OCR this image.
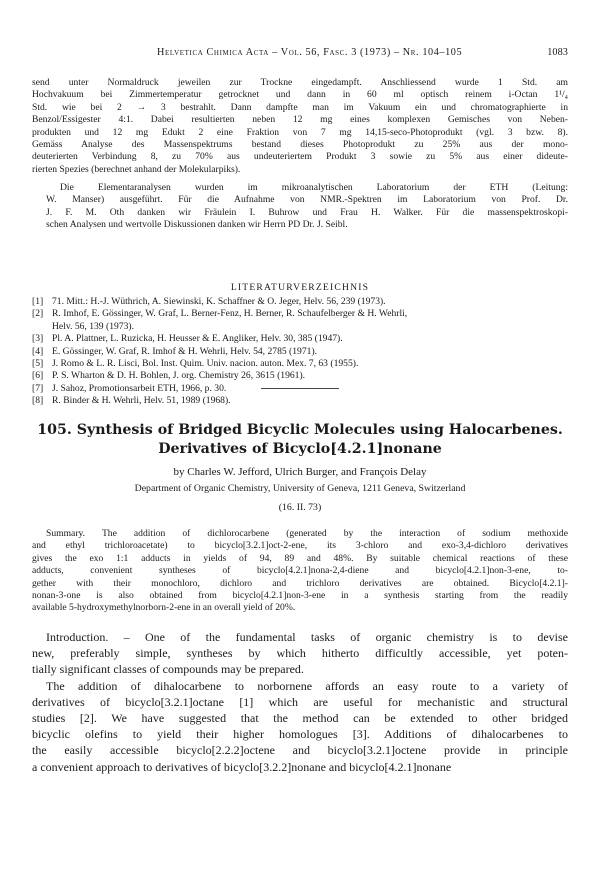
Helvetica Chimica Acta – Vol. 56, Fasc. 3 (1973) – Nr. 104–105	1083

send unter Normaldruck jeweilen zur Trockne eingedampft. Anschliessend wurde 1 Std. am
Hochvakuum bei Zimmertemperatur getrocknet und dann in 60 ml optisch reinem i-Octan 1¹/₄
Std. wie bei 2 → 3 bestrahlt. Dann dampfte man im Vakuum ein und chromatographierte in
Benzol/Essigester 4:1. Dabei resultierten neben 12 mg eines komplexen Gemisches von Neben-
produkten und 12 mg Edukt 2 eine Fraktion von 7 mg 14,15-seco-Photoprodukt (vgl. 3 bzw. 8).
Gemäss Analyse des Massenspektrums bestand dieses Photoprodukt zu 25% aus der mono-
deuterierten Verbindung 8, zu 70% aus undeuteriertem Produkt 3 sowie zu 5% aus einer dideute-
rierten Spezies (berechnet anhand der Molekularpiks).

Die Elementaranalysen wurden im mikroanalytischen Laboratorium der ETH (Leitung:
W. Manser) ausgeführt. Für die Aufnahme von NMR.-Spektren im Laboratorium von Prof. Dr.
J. F. M. Oth danken wir Fräulein I. Buhrow und Frau H. Walker. Für die massenspektroskopi-
schen Analysen und wertvolle Diskussionen danken wir Herrn PD Dr. J. Seibl.

LITERATURVERZEICHNIS
[1] 71. Mitt.: H.-J. Wüthrich, A. Siewinski, K. Schaffner & O. Jeger, Helv. 56, 239 (1973).
[2] R. Imhof, E. Gössinger, W. Graf, L. Berner-Fenz, H. Berner, R. Schaufelberger & H. Wehrli,
Helv. 56, 139 (1973).
[3] Pl. A. Plattner, L. Ruzicka, H. Heusser & E. Angliker, Helv. 30, 385 (1947).
[4] E. Gössinger, W. Graf, R. Imhof & H. Wehrli, Helv. 54, 2785 (1971).
[5] J. Romo & L. R. Lisci, Bol. Inst. Quim. Univ. nacion. auton. Mex. 7, 63 (1955).
[6] P. S. Wharton & D. H. Bohlen, J. org. Chemistry 26, 3615 (1961).
[7] J. Sahoz, Promotionsarbeit ETH, 1966, p. 30.
[8] R. Binder & H. Wehrli, Helv. 51, 1989 (1968).
105. Synthesis of Bridged Bicyclic Molecules using Halocarbenes.
Derivatives of Bicyclo[4.2.1]nonane
by Charles W. Jefford, Ulrich Burger, and François Delay
Department of Organic Chemistry, University of Geneva, 1211 Geneva, Switzerland
(16. II. 73)

Summary. The addition of dichlorocarbene (generated by the interaction of sodium methoxide
and ethyl trichloroacetate) to bicyclo[3.2.1]oct-2-ene, its 3-chloro and exo-3,4-dichloro derivatives
gives the exo 1:1 adducts in yields of 94, 89 and 48%. By suitable chemical reactions of these
adducts, convenient syntheses of bicyclo[4.2.1]nona-2,4-diene and bicyclo[4.2.1]non-3-ene, to-
gether with their monochloro, dichloro and trichloro derivatives are obtained. Bicyclo[4.2.1]-
nonan-3-one is also obtained from bicyclo[4.2.1]non-3-ene in a synthesis starting from the readily
available 5-hydroxymethylnorborn-2-ene in an overall yield of 20%.

Introduction. – One of the fundamental tasks of organic chemistry is to devise
new, preferably simple, syntheses by which hitherto difficultly accessible, yet poten-
tially significant classes of compounds may be prepared.

The addition of dihalocarbene to norbornene affords an easy route to a variety of
derivatives of bicyclo[3.2.1]octane [1] which are useful for mechanistic and structural
studies [2]. We have suggested that the method can be extended to other bridged
bicyclic olefins to yield their higher homologues [3]. Additions of dihalocarbenes to
the easily accessible bicyclo[2.2.2]octene and bicyclo[3.2.1]octene provide in principle
a convenient approach to derivatives of bicyclo[3.2.2]nonane and bicyclo[4.2.1]nonane
